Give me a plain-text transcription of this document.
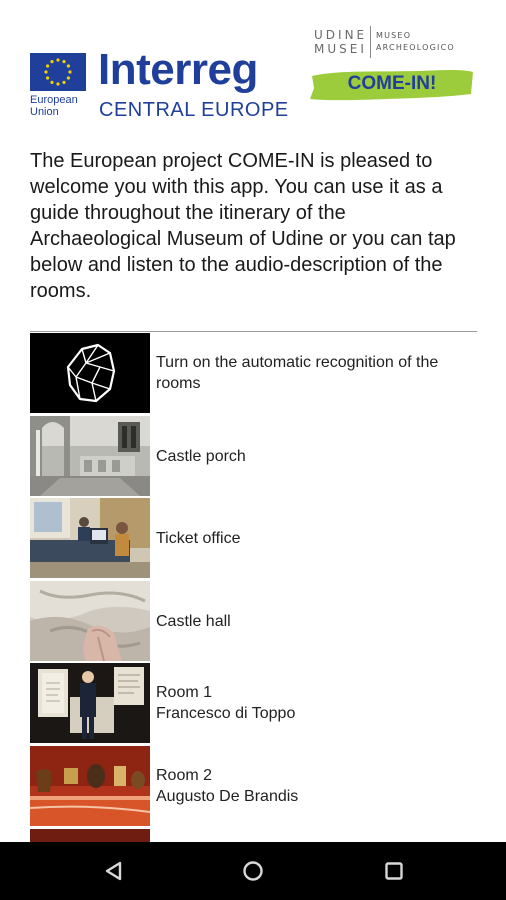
European
Union
Interreg
CENTRAL EUROPE
UDINE
MUSEI
MUSEO
ARCHEOLOGICO
COME-IN!
The European project COME-IN is pleased to welcome you with this app. You can use it as a guide throughout the itinerary of the Archaeological Museum of Udine or you can tap below and listen to the audio-description of the rooms.
Turn on the automatic recognition of the rooms
Castle porch
Ticket office
Castle hall
Room 1
Francesco di Toppo
Room 2
Augusto De Brandis
